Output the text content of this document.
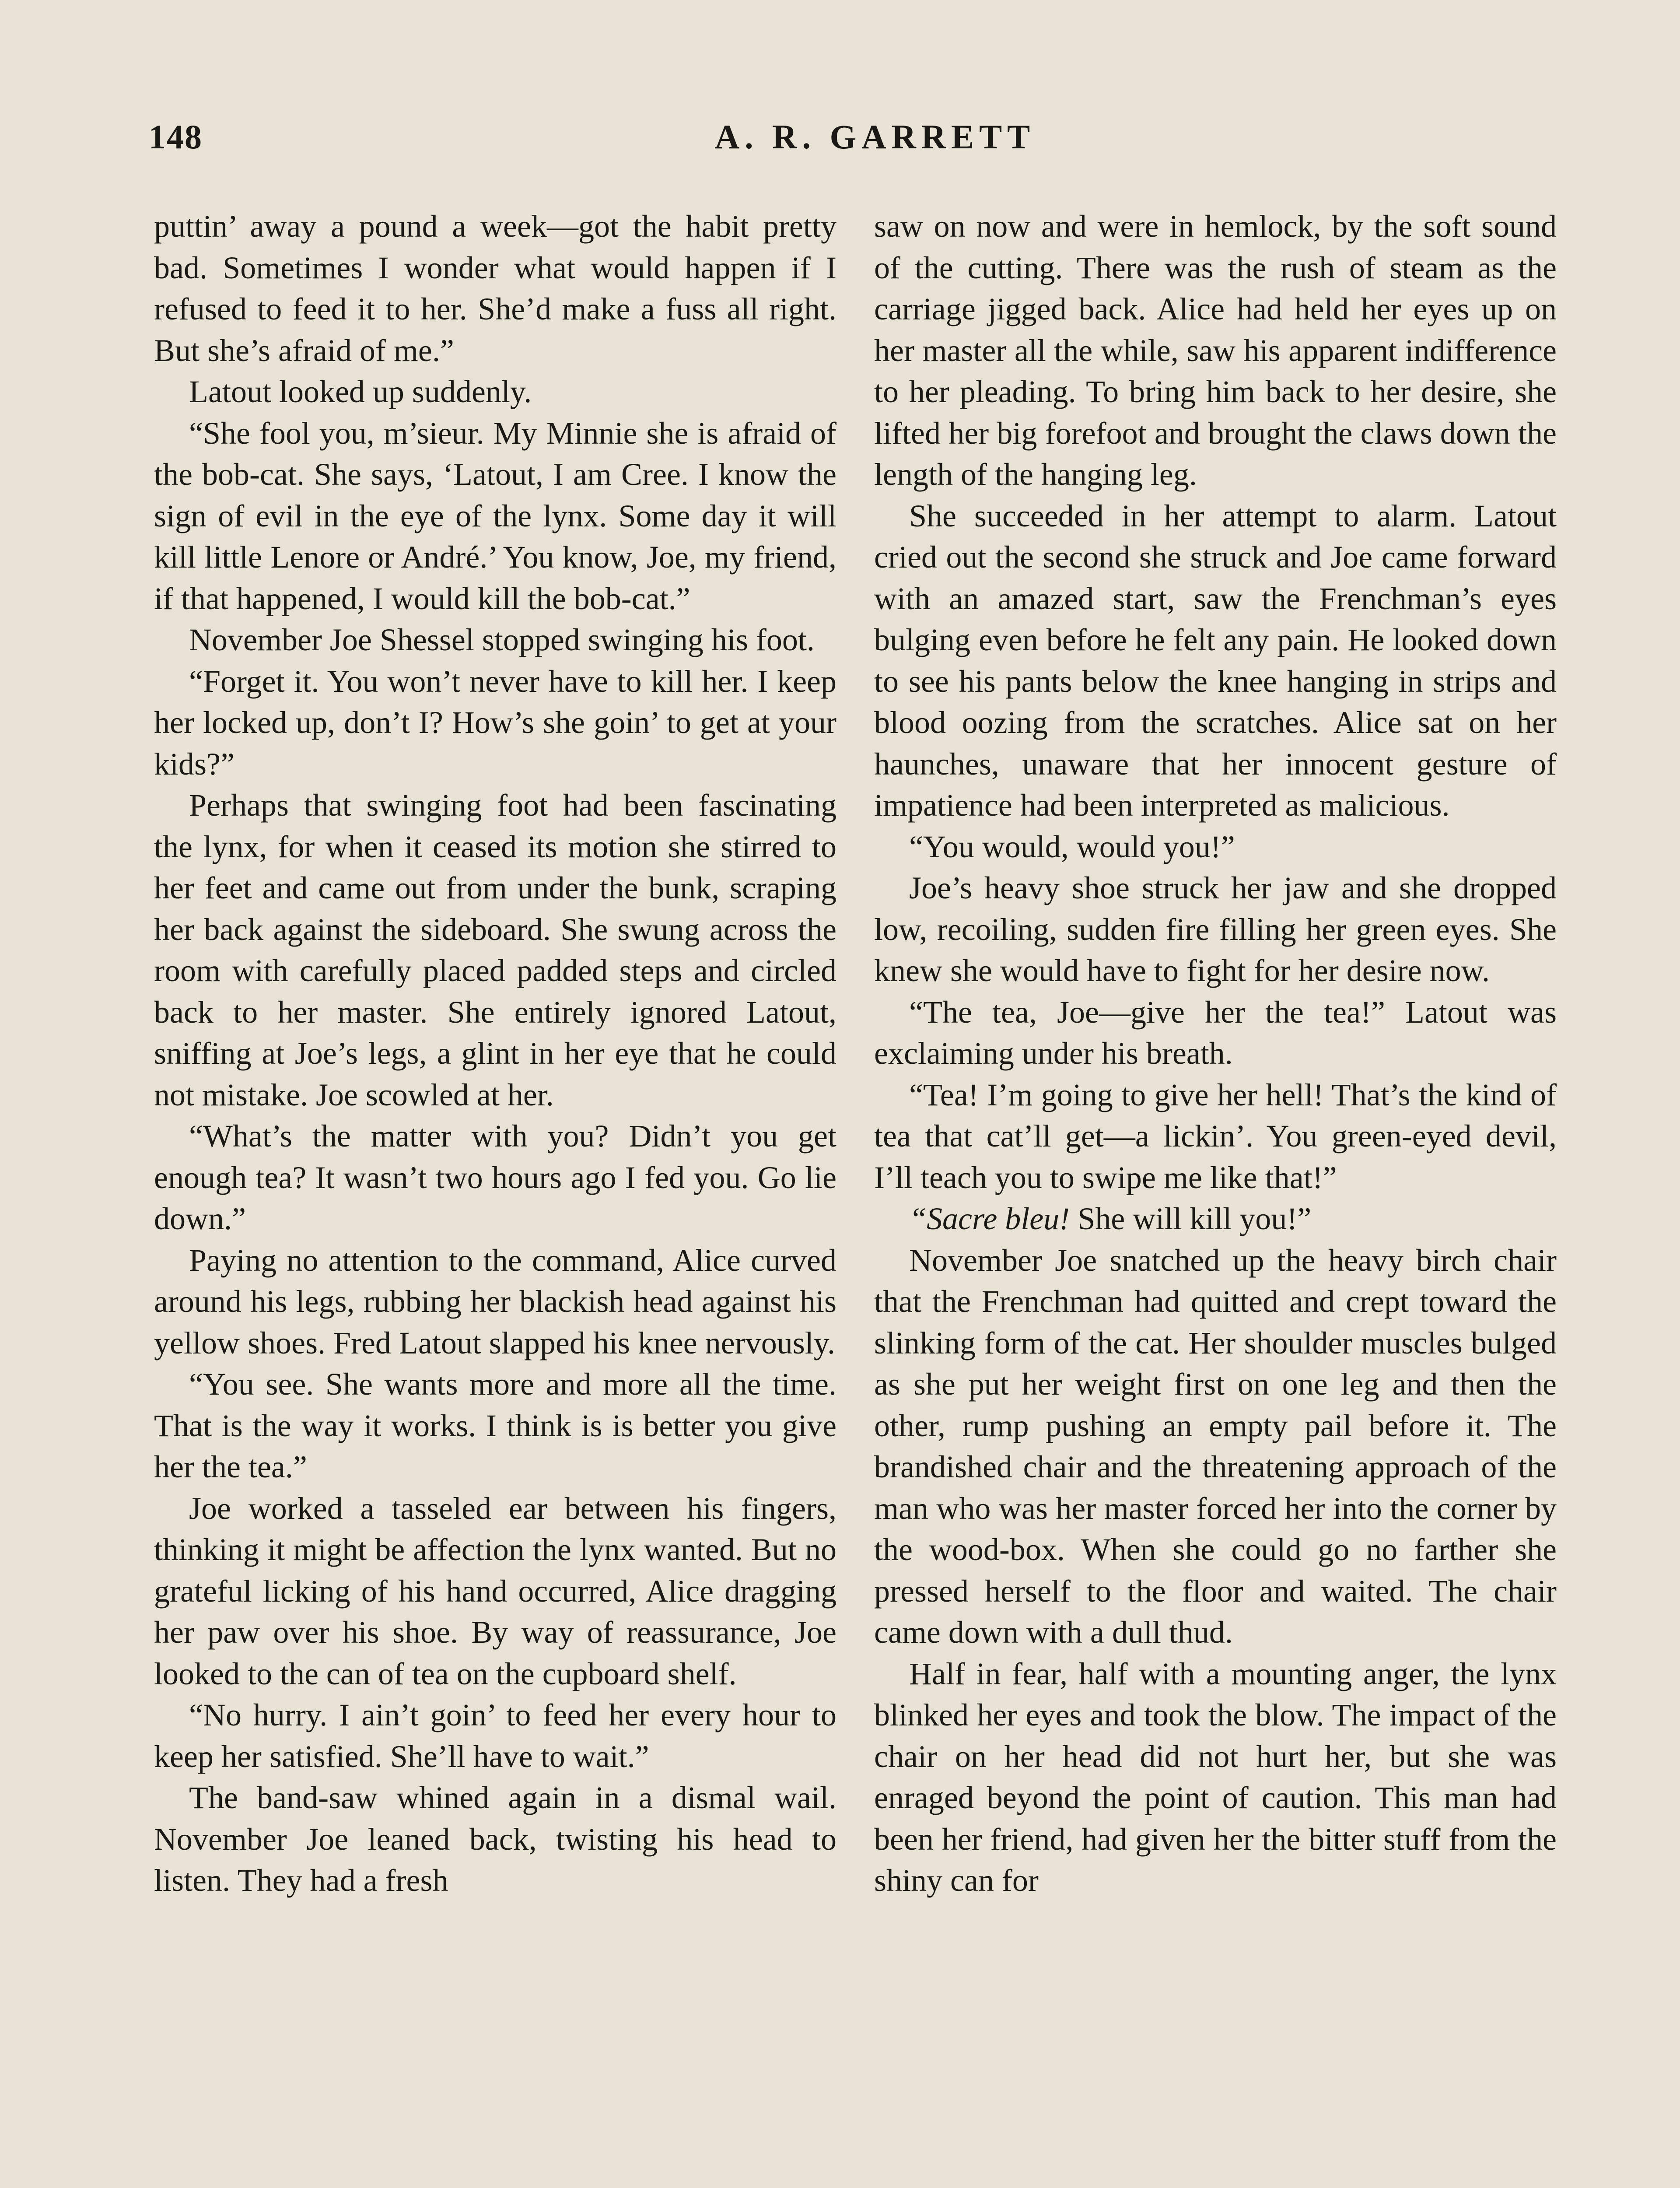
148	A. R. GARRETT

puttin’ away a pound a week—got the habit pretty bad. Sometimes I wonder what would happen if I refused to feed it to her. She’d make a fuss all right. But she’s afraid of me.”

Latout looked up suddenly.

“She fool you, m’sieur. My Minnie she is afraid of the bob-cat. She says, ‘Latout, I am Cree. I know the sign of evil in the eye of the lynx. Some day it will kill little Lenore or André.’ You know, Joe, my friend, if that happened, I would kill the bob-cat.”

November Joe Shessel stopped swinging his foot.

“Forget it. You won’t never have to kill her. I keep her locked up, don’t I? How’s she goin’ to get at your kids?”

Perhaps that swinging foot had been fascinating the lynx, for when it ceased its motion she stirred to her feet and came out from under the bunk, scraping her back against the sideboard. She swung across the room with carefully placed padded steps and circled back to her master. She entirely ignored Latout, sniffing at Joe’s legs, a glint in her eye that he could not mistake. Joe scowled at her.

“What’s the matter with you? Didn’t you get enough tea? It wasn’t two hours ago I fed you. Go lie down.”

Paying no attention to the command, Alice curved around his legs, rubbing her blackish head against his yellow shoes. Fred Latout slapped his knee nervously.

“You see. She wants more and more all the time. That is the way it works. I think is is better you give her the tea.”

Joe worked a tasseled ear between his fingers, thinking it might be affection the lynx wanted. But no grateful licking of his hand occurred, Alice dragging her paw over his shoe. By way of reassurance, Joe looked to the can of tea on the cupboard shelf.

“No hurry. I ain’t goin’ to feed her every hour to keep her satisfied. She’ll have to wait.”

The band-saw whined again in a dismal wail. November Joe leaned back, twisting his head to listen. They had a fresh

saw on now and were in hemlock, by the soft sound of the cutting. There was the rush of steam as the carriage jigged back. Alice had held her eyes up on her master all the while, saw his apparent indifference to her pleading. To bring him back to her desire, she lifted her big forefoot and brought the claws down the length of the hanging leg.

She succeeded in her attempt to alarm. Latout cried out the second she struck and Joe came forward with an amazed start, saw the Frenchman’s eyes bulging even before he felt any pain. He looked down to see his pants below the knee hanging in strips and blood oozing from the scratches. Alice sat on her haunches, unaware that her innocent gesture of impatience had been interpreted as malicious.

“You would, would you!”

Joe’s heavy shoe struck her jaw and she dropped low, recoiling, sudden fire filling her green eyes. She knew she would have to fight for her desire now.

“The tea, Joe—give her the tea!” Latout was exclaiming under his breath.

“Tea! I’m going to give her hell! That’s the kind of tea that cat’ll get—a lickin’. You green-eyed devil, I’ll teach you to swipe me like that!”

“Sacre bleu! She will kill you!”

November Joe snatched up the heavy birch chair that the Frenchman had quitted and crept toward the slinking form of the cat. Her shoulder muscles bulged as she put her weight first on one leg and then the other, rump pushing an empty pail before it. The brandished chair and the threatening approach of the man who was her master forced her into the corner by the wood-box. When she could go no farther she pressed herself to the floor and waited. The chair came down with a dull thud.

Half in fear, half with a mounting anger, the lynx blinked her eyes and took the blow. The impact of the chair on her head did not hurt her, but she was enraged beyond the point of caution. This man had been her friend, had given her the bitter stuff from the shiny can for
